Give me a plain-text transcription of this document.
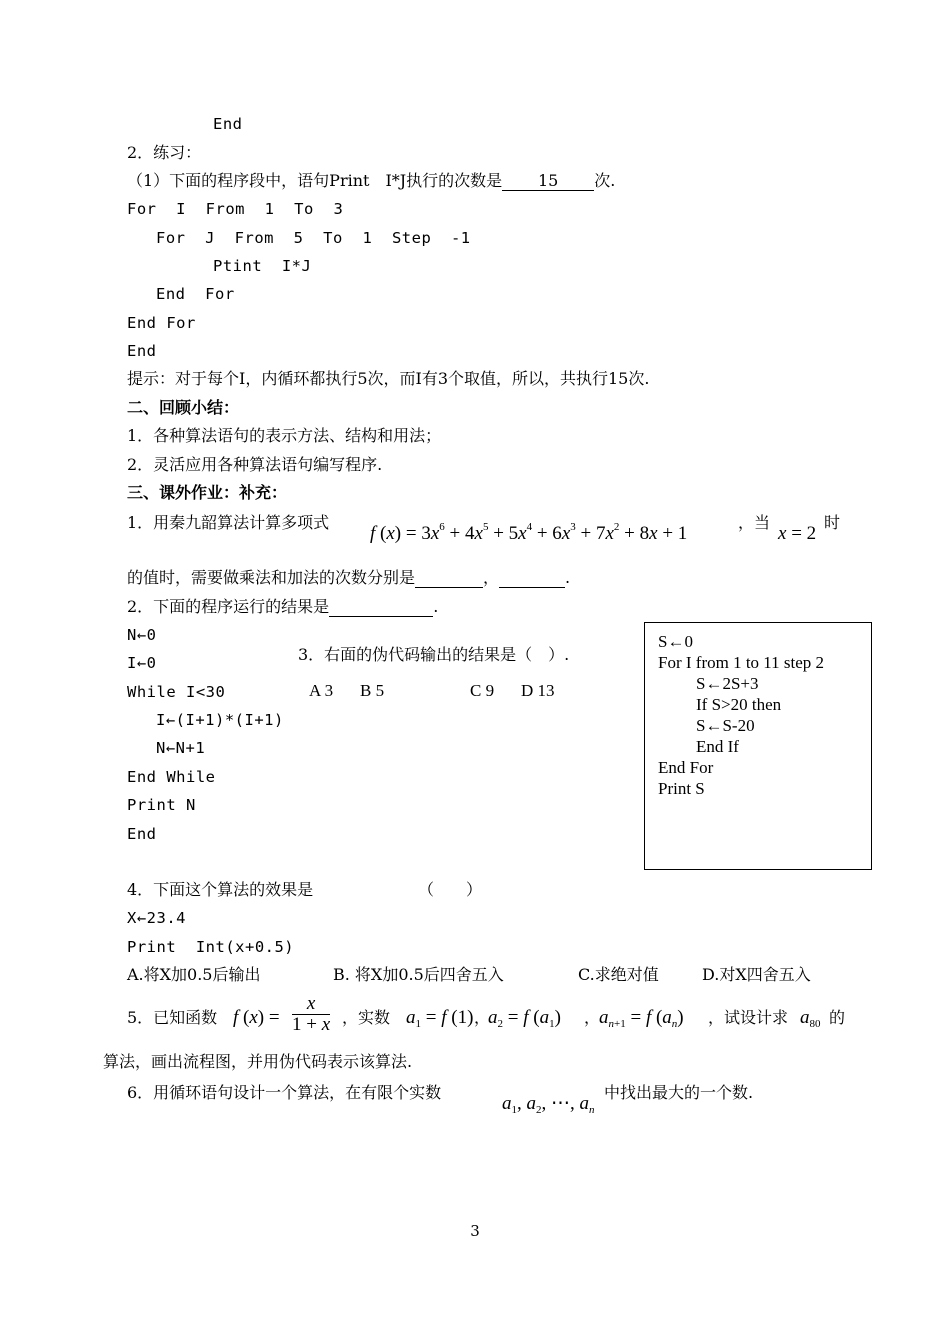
End
2．练习：
（1）下面的程序段中，语句Print　I*J执行的次数是 15 次.
For  I  From  1  To  3
For  J  From  5  To  1  Step  -1
Ptint  I*J
End  For
End For
End
提示：对于每个I，内循环都执行5次，而I有3个取值，所以，共执行15次.
二、回顾小结：
1．各种算法语句的表示方法、结构和用法；
2．灵活应用各种算法语句编写程序.
三、课外作业：补充：
1．用秦九韶算法计算多项式
f $(x) = 3x^6 + 4x^5 + 5x^4 + 6x^3 + 7x^2 + 8x + 1$
，当
x = 2
时
的值时，需要做乘法和加法的次数分别是	，	.
2．下面的程序运行的结果是	.
N←0
I←0
While I<30
I←(I+1)*(I+1)
N←N+1
End While
Print N
End
3．右面的伪代码输出的结果是（　）.
A 3 B 5	C 9 D 13
S←0
For I from 1 to 11 step 2
S←2S+3
If S>20 then
S←S-20
End If
End For
Print S
4．下面这个算法的效果是	（　　）
X←23.4
Print  Int(x+0.5)
A.将X加0.5后输出	B. 将X加0.5后四舍五入	C.求绝对值	D.对X四舍五入
5．已知函数 f $(x) = \frac{x}{1 + x}$ ，实数 $a_1 = f$ (1) ，
$a_2 = f$ $(a_1)$ ，
$a_{n+1} = f$ $(a_n)$ ，试设计求 $a_{80}$ 的
算法，画出流程图，并用伪代码表示该算法.
6．用循环语句设计一个算法，在有限个实数
$a_1$, $a_2$, ⋯, $a_n$
中找出最大的一个数.
3
